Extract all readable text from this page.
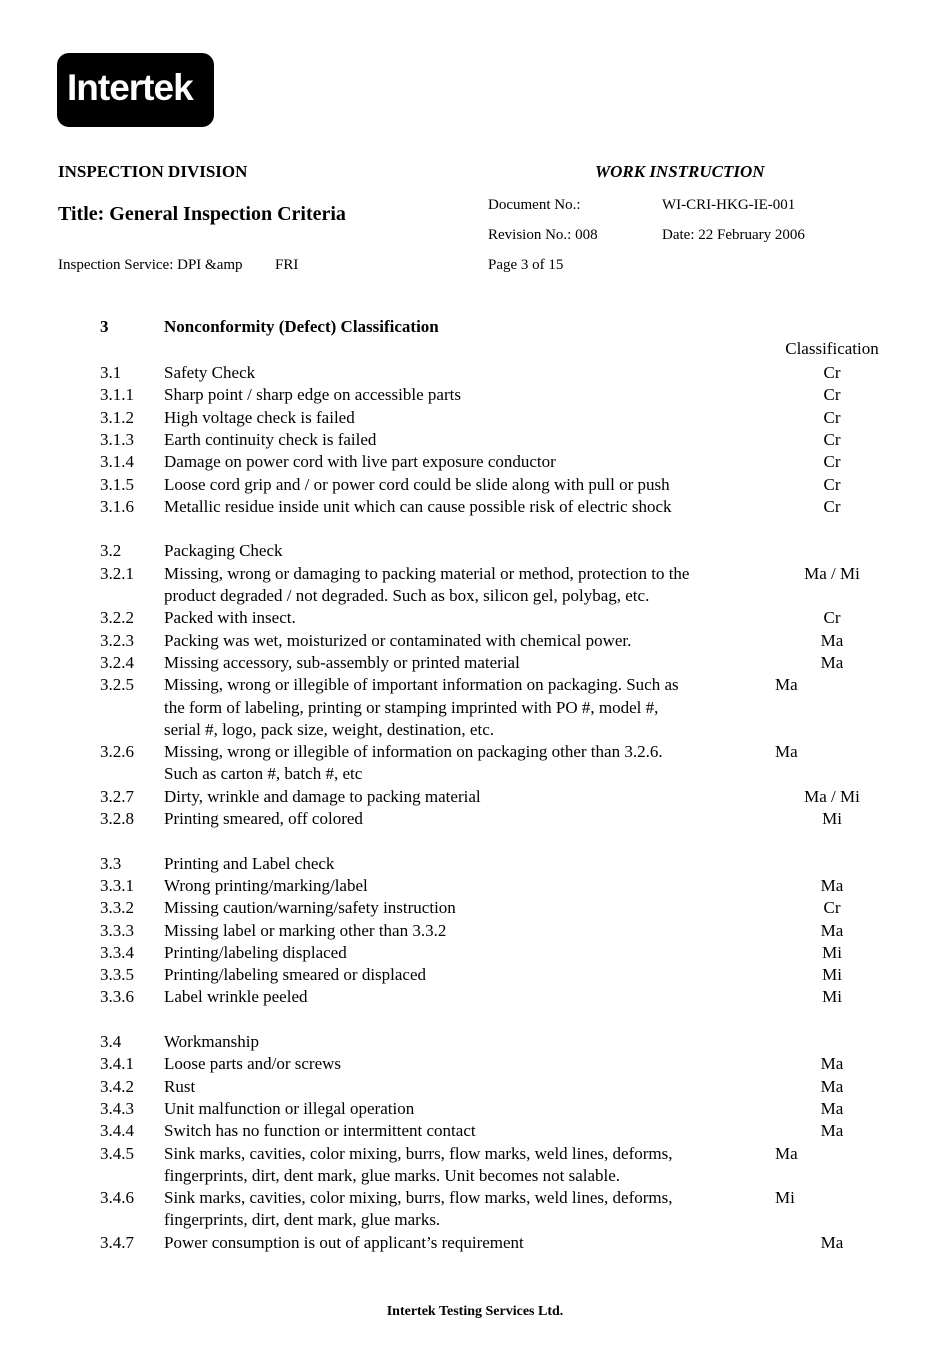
Intertek
INSPECTION DIVISION	WORK INSTRUCTION
Title: General Inspection Criteria	Document No.:	WI-CRI-HKG-IE-001
Revision No.: 008	Date: 22 February 2006
Inspection Service: DPI &amp FRI	Page 3 of 15
3	Nonconformity (Defect) Classification
Classification
3.1	Safety Check	Cr
3.1.1 Sharp point / sharp edge on accessible parts	Cr
3.1.2 High voltage check is failed	Cr
3.1.3 Earth continuity check is failed	Cr
3.1.4 Damage on power cord with live part exposure conductor	Cr
3.1.5 Loose cord grip and / or power cord could be slide along with pull or push	Cr
3.1.6 Metallic residue inside unit which can cause possible risk of electric shock	Cr
3.2	Packaging Check
3.2.1 Missing, wrong or damaging to packing material or method, protection to the	Ma / Mi
product degraded / not degraded. Such as box, silicon gel, polybag, etc.
3.2.2 Packed with insect.	Cr
3.2.3 Packing was wet, moisturized or contaminated with chemical power.	Ma
3.2.4 Missing accessory, sub-assembly or printed material	Ma
3.2.5 Missing, wrong or illegible of important information on packaging. Such as	Ma
the form of labeling, printing or stamping imprinted with PO #, model #,
serial #, logo, pack size, weight, destination, etc.
3.2.6 Missing, wrong or illegible of information on packaging other than 3.2.6.	Ma
Such as carton #, batch #, etc
3.2.7 Dirty, wrinkle and damage to packing material	Ma / Mi
3.2.8 Printing smeared, off colored	Mi
3.3	Printing and Label check
3.3.1 Wrong printing/marking/label	Ma
3.3.2 Missing caution/warning/safety instruction	Cr
3.3.3 Missing label or marking other than 3.3.2	Ma
3.3.4 Printing/labeling displaced	Mi
3.3.5 Printing/labeling smeared or displaced	Mi
3.3.6 Label wrinkle peeled	Mi
3.4	Workmanship
3.4.1 Loose parts and/or screws	Ma
3.4.2 Rust	Ma
3.4.3 Unit malfunction or illegal operation	Ma
3.4.4 Switch has no function or intermittent contact	Ma
3.4.5 Sink marks, cavities, color mixing, burrs, flow marks, weld lines, deforms,	Ma
fingerprints, dirt, dent mark, glue marks. Unit becomes not salable.
3.4.6 Sink marks, cavities, color mixing, burrs, flow marks, weld lines, deforms,	Mi
fingerprints, dirt, dent mark, glue marks.
3.4.7 Power consumption is out of applicant’s requirement	Ma
Intertek Testing Services Ltd.
